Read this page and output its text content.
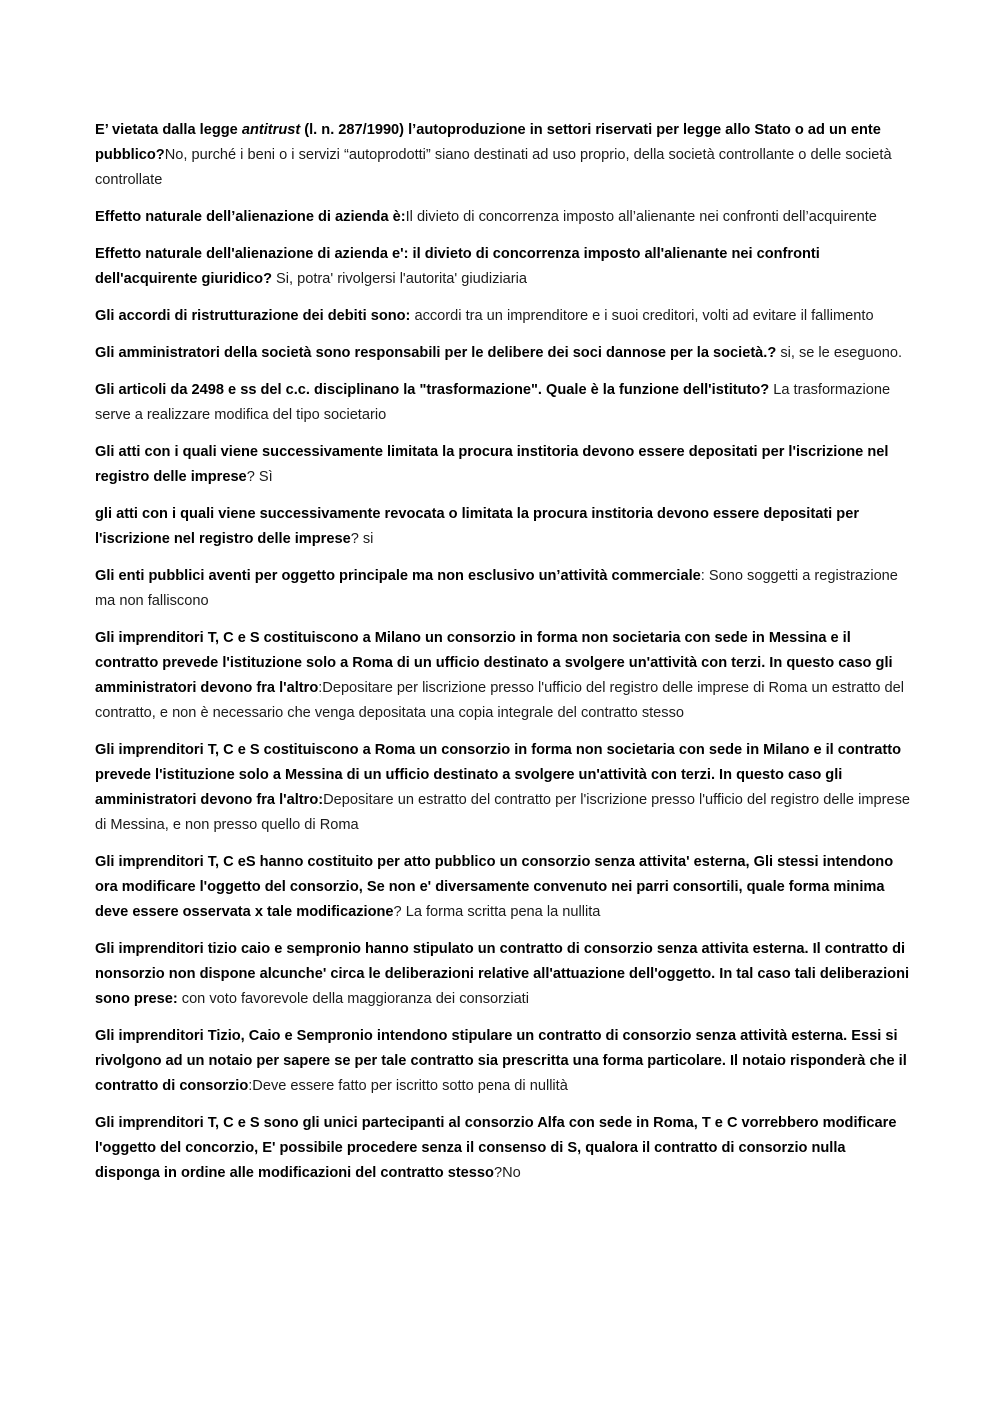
E’ vietata dalla legge antitrust (l. n. 287/1990) l’autoproduzione in settori riservati per legge allo Stato o ad un ente pubblico?No, purché i beni o i servizi “autoprodotti” siano destinati ad uso proprio, della società controllante o delle società controllate

Effetto naturale dell’alienazione di azienda è:Il divieto di concorrenza imposto all’alienante nei confronti dell’acquirente

Effetto naturale dell'alienazione di azienda e': il divieto di concorrenza imposto all'alienante nei confronti dell'acquirente giuridico? Si, potra' rivolgersi l'autorita' giudiziaria

Gli accordi di ristrutturazione dei debiti sono: accordi tra un imprenditore e i suoi creditori, volti ad evitare il fallimento

Gli amministratori della società sono responsabili per le delibere dei soci dannose per la società.? si, se le eseguono.

Gli articoli da 2498 e ss del c.c. disciplinano la "trasformazione". Quale è la funzione dell'istituto? La trasformazione serve a realizzare modifica del tipo societario

Gli atti con i quali viene successivamente limitata la procura institoria devono essere depositati per l'iscrizione nel registro delle imprese? Sì

gli atti con i quali viene successivamente revocata o limitata la procura institoria devono essere depositati per l'iscrizione nel registro delle imprese? si

Gli enti pubblici aventi per oggetto principale ma non esclusivo un’attività commerciale: Sono soggetti a registrazione ma non falliscono

Gli imprenditori T, C e S costituiscono a Milano un consorzio in forma non societaria con sede in Messina e il contratto prevede l'istituzione solo a Roma di un ufficio destinato a svolgere un'attività con terzi. In questo caso gli amministratori devono fra l'altro:Depositare per liscrizione presso l'ufficio del registro delle imprese di Roma un estratto del contratto, e non è necessario che venga depositata una copia integrale del contratto stesso

Gli imprenditori T, C e S costituiscono a Roma un consorzio in forma non societaria con sede in Milano e il contratto prevede l'istituzione solo a Messina di un ufficio destinato a svolgere un'attività con terzi. In questo caso gli amministratori devono fra l'altro:Depositare un estratto del contratto per l'iscrizione presso l'ufficio del registro delle imprese di Messina, e non presso quello di Roma

Gli imprenditori T, C eS hanno costituito per atto pubblico un consorzio senza attivita' esterna, Gli stessi intendono ora modificare l'oggetto del consorzio, Se non e' diversamente convenuto nei parri consortili, quale forma minima deve essere osservata x tale modificazione? La forma scritta pena la nullita

Gli imprenditori tizio caio e sempronio hanno stipulato un contratto di consorzio senza attivita esterna. Il contratto di nonsorzio non dispone alcunche' circa le deliberazioni relative all'attuazione dell'oggetto. In tal caso tali deliberazioni sono prese: con voto favorevole della maggioranza dei consorziati

Gli imprenditori Tizio, Caio e Sempronio intendono stipulare un contratto di consorzio senza attività esterna. Essi si rivolgono ad un notaio per sapere se per tale contratto sia prescritta una forma particolare. Il notaio risponderà che il contratto di consorzio:Deve essere fatto per iscritto sotto pena di nullità

Gli imprenditori T, C e S sono gli unici partecipanti al consorzio Alfa con sede in Roma, T e C vorrebbero modificare l'oggetto del concorzio, E' possibile procedere senza il consenso di S, qualora il contratto di consorzio nulla disponga in ordine alle modificazioni del contratto stesso?No
